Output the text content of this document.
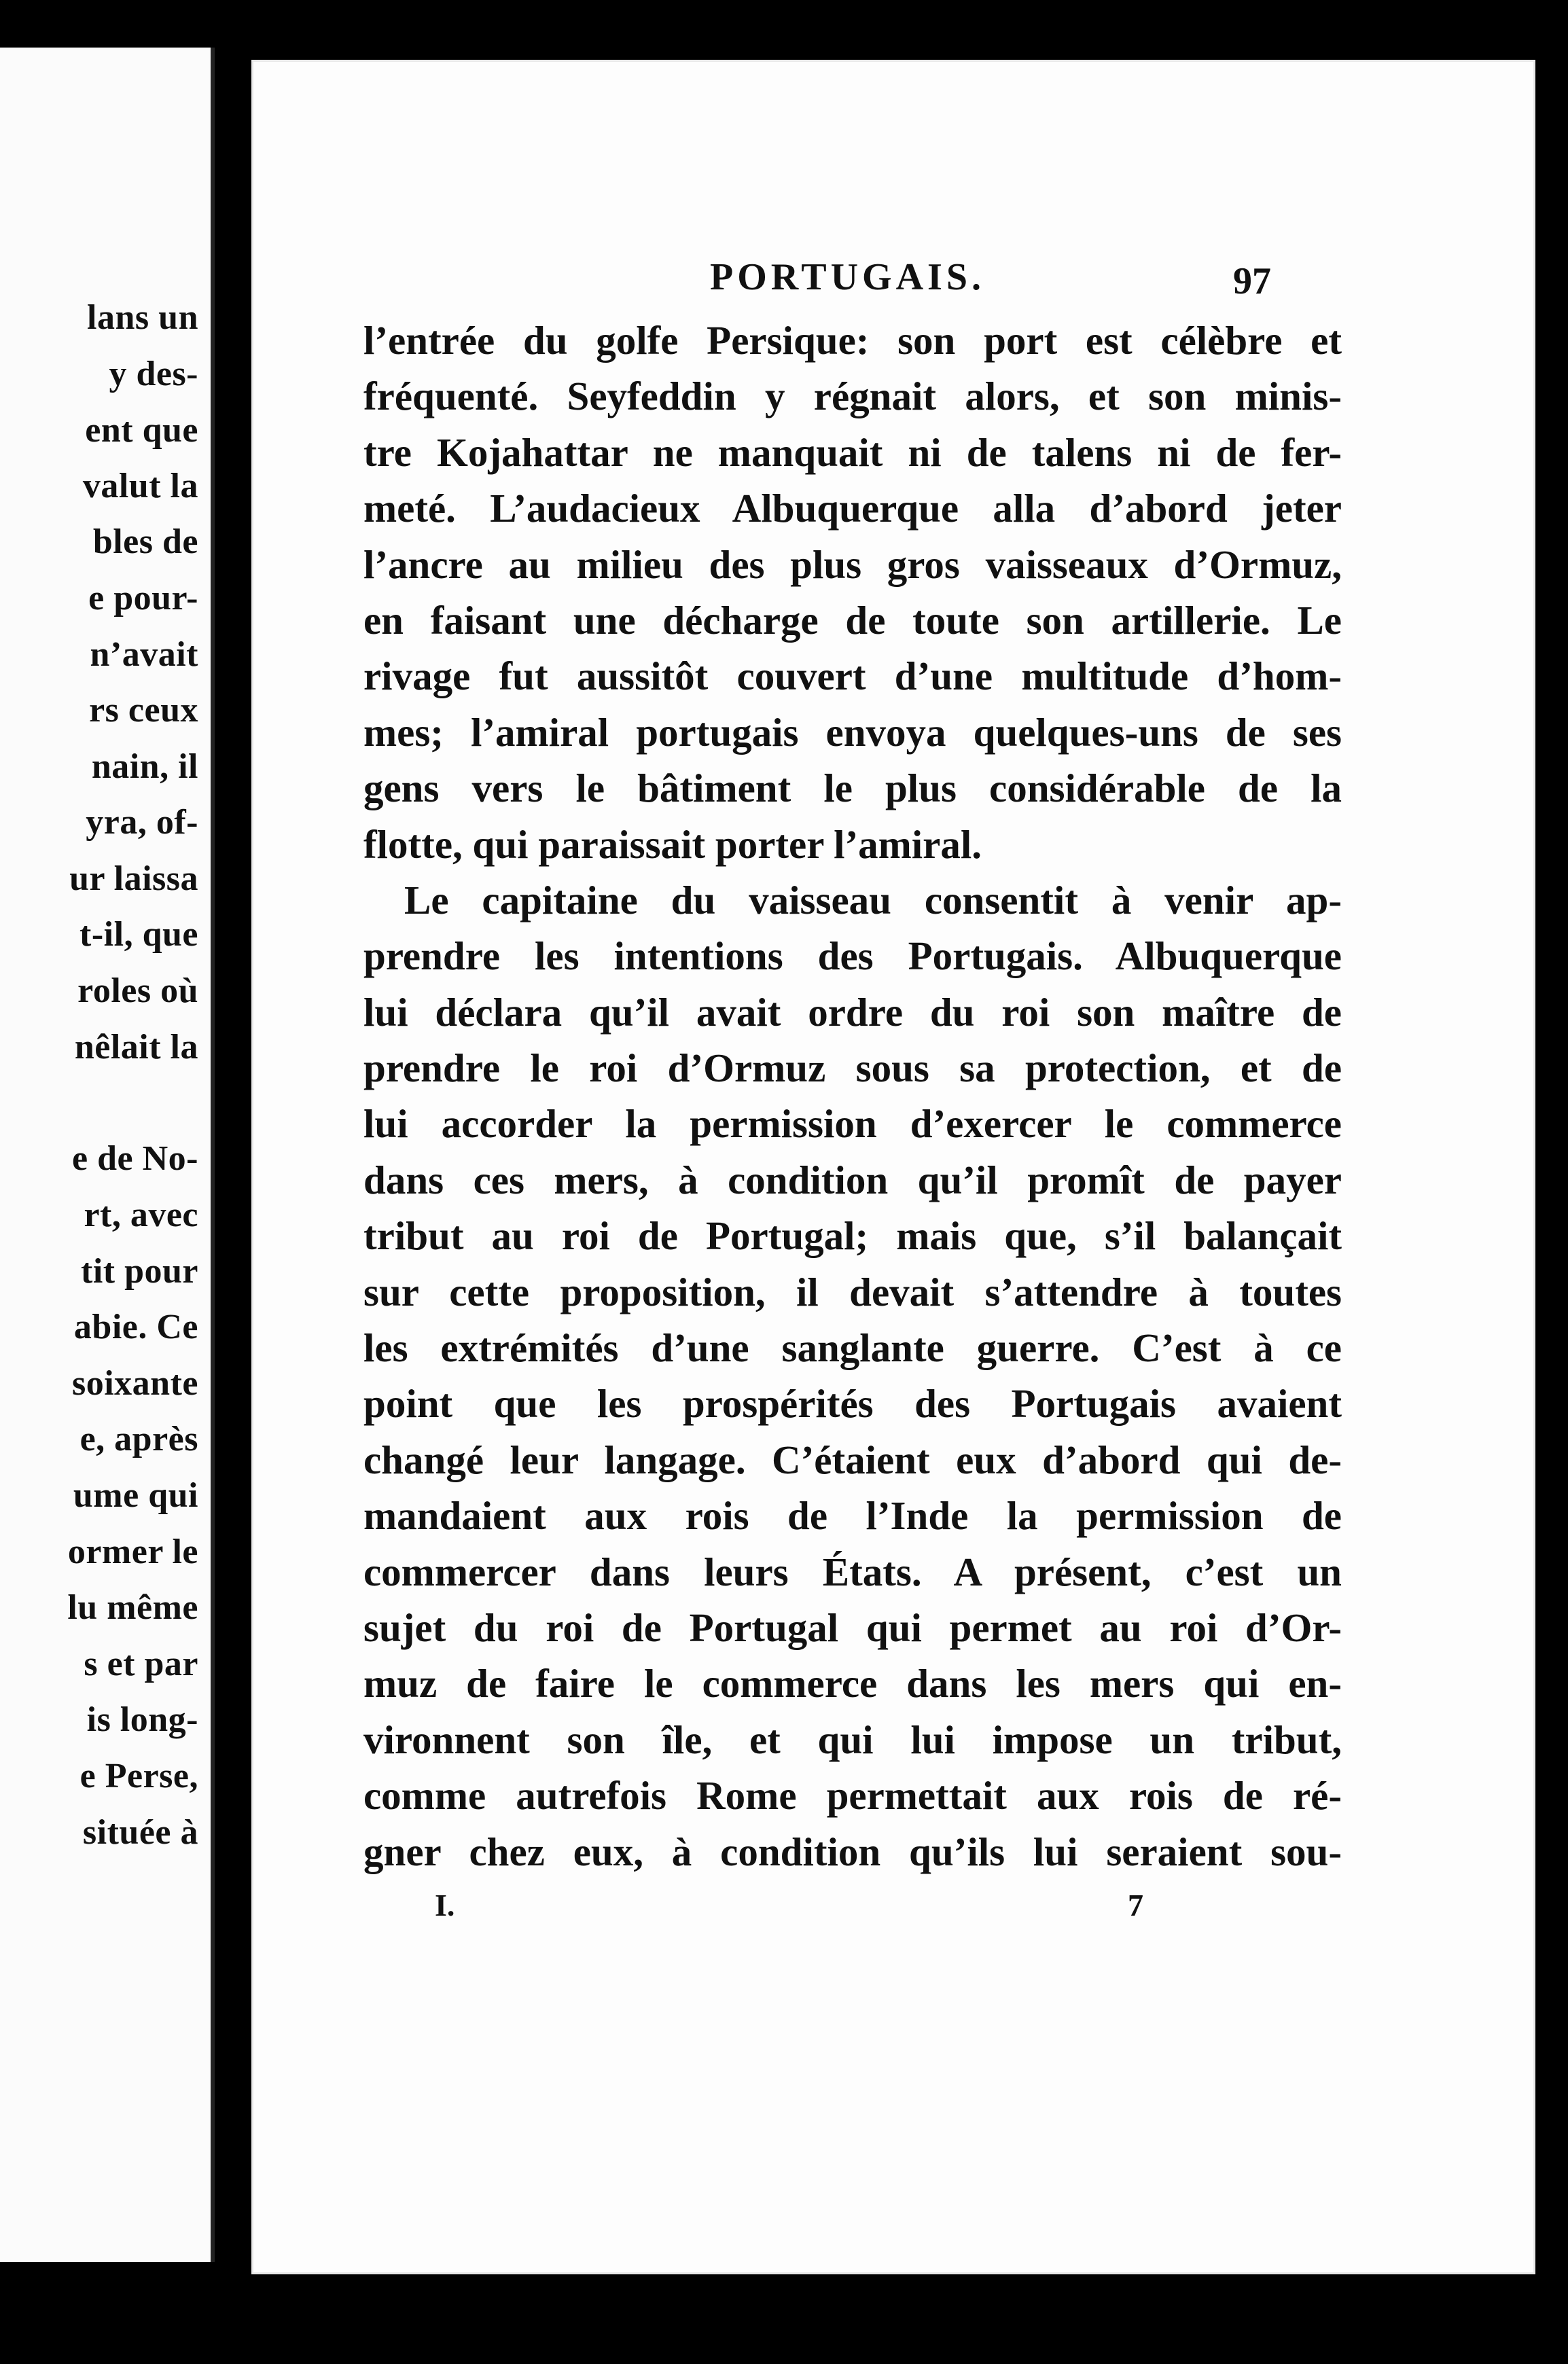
lans un
y des-
ent que
valut la
bles de
e pour-
n’avait
rs ceux
nain, il
yra, of-
ur laissa
t-il, que
roles où
nêlait la
e de No-
rt, avec
tit pour
abie. Ce
soixante
e, après
ume qui
ormer le
lu même
s et par
is long-
e Perse,
située à
PORTUGAIS.	97
l’entrée du golfe Persique: son port est célèbre et
fréquenté. Seyfeddin y régnait alors, et son minis-
tre Kojahattar ne manquait ni de talens ni de fer-
meté. L’audacieux Albuquerque alla d’abord jeter
l’ancre au milieu des plus gros vaisseaux d’Ormuz,
en faisant une décharge de toute son artillerie. Le
rivage fut aussitôt couvert d’une multitude d’hom-
mes; l’amiral portugais envoya quelques-uns de ses
gens vers le bâtiment le plus considérable de la
flotte, qui paraissait porter l’amiral.
Le capitaine du vaisseau consentit à venir ap-
prendre les intentions des Portugais. Albuquerque
lui déclara qu’il avait ordre du roi son maître de
prendre le roi d’Ormuz sous sa protection, et de
lui accorder la permission d’exercer le commerce
dans ces mers, à condition qu’il promît de payer
tribut au roi de Portugal; mais que, s’il balançait
sur cette proposition, il devait s’attendre à toutes
les extrémités d’une sanglante guerre. C’est à ce
point que les prospérités des Portugais avaient
changé leur langage. C’étaient eux d’abord qui de-
mandaient aux rois de l’Inde la permission de
commercer dans leurs États. A présent, c’est un
sujet du roi de Portugal qui permet au roi d’Or-
muz de faire le commerce dans les mers qui en-
vironnent son île, et qui lui impose un tribut,
comme autrefois Rome permettait aux rois de ré-
gner chez eux, à condition qu’ils lui seraient sou-
I.	7
